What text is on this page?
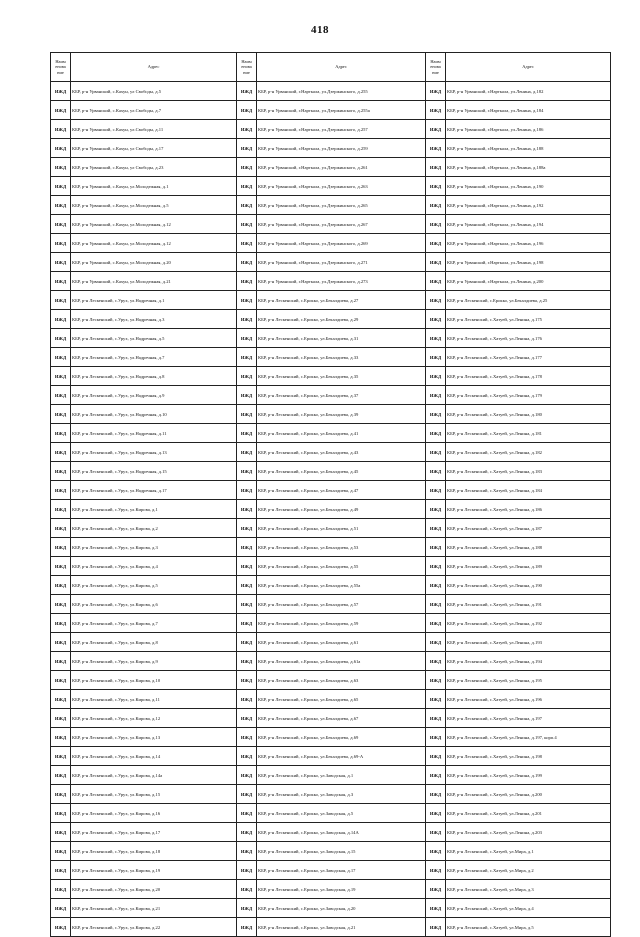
418
Наим енова ние	Адрес	Наим енова ние	Адрес	Наим енова ние	Адрес
ИЖД	КБР, р-н Урванский, с.Кахун, ул Свободы, д.5	ИЖД	КБР, р-н Урванский, г.Нарткала, ул.Дзержинского, д.255	ИЖД	КБР, р-н Урванский, г.Нарткала, ул.Ленина, д.182
ИЖД	КБР, р-н Урванский, с.Кахун, ул.Свободы, д.7	ИЖД	КБР, р-н Урванский, г.Нарткала, ул.Дзержинского, д.255а	ИЖД	КБР, р-н Урванский, г.Нарткала, ул.Ленина, д.184
ИЖД	КБР, р-н Урванский, с.Кахун, ул.Свободы, д.11	ИЖД	КБР, р-н Урванский, г.Нарткала, ул.Дзержинского, д.257	ИЖД	КБР, р-н Урванский, г.Нарткала, ул.Ленина, д.186
ИЖД	КБР, р-н Урванский, с.Кахун, ул Свободы, д.17	ИЖД	КБР, р-н Урванский, г.Нарткала, ул.Дзержинского, д.259	ИЖД	КБР, р-н Урванский, г.Нарткала, ул.Ленина, д.188
ИЖД	КБР, р-н Урванский, с.Кахун, ул Свободы, д.23	ИЖД	КБР, р-н Урванский, г.Нарткала, ул.Дзержинского, д.261	ИЖД	КБР, р-н Урванский, г.Нарткала, ул.Ленина, д.188а
ИЖД	КБР, р-н Урванский, с.Кахун, ул.Молодежная, д.1	ИЖД	КБР, р-н Урванский, г.Нарткала, ул.Дзержинского, д.263	ИЖД	КБР, р-н Урванский, г.Нарткала, ул.Ленина, д.190
ИЖД	КБР, р-н Урванский, с.Кахун, ул.Молодежная, д.5	ИЖД	КБР, р-н Урванский, г.Нарткала, ул.Дзержинского, д.265	ИЖД	КБР, р-н Урванский, г.Нарткала, ул.Ленина, д.192
ИЖД	КБР, р-н Урванский, с.Кахун, ул.Молодежная, д.12	ИЖД	КБР, р-н Урванский, г.Нарткала, ул.Дзержинского, д.267	ИЖД	КБР, р-н Урванский, г.Нарткала, ул.Ленина, д.194
ИЖД	КБР, р-н Урванский, с.Кахун, ул.Молодежная, д.12	ИЖД	КБР, р-н Урванский, г.Нарткала, ул.Дзержинского, д.269	ИЖД	КБР, р-н Урванский, г.Нарткала, ул.Ленина, д.196
ИЖД	КБР, р-н Урванский, с.Кахун, ул.Молодежная, д.20	ИЖД	КБР, р-н Урванский, г.Нарткала, ул.Дзержинского, д.271	ИЖД	КБР, р-н Урванский, г.Нарткала, ул.Ленина, д.198
ИЖД	КБР, р-н Урванский, с.Кахун, ул.Молодежная, д.21	ИЖД	КБР, р-н Урванский, г.Нарткала, ул.Дзержинского, д.273	ИЖД	КБР, р-н Урванский, г.Нарткала, ул.Ленина, д.200
ИЖД	КБР, р-н Лескенский, с.Урух, ул.Надречная, д.1	ИЖД	КБР, р-н Лескенский, с.Ерокко, ул.Бекалдиева, д.27	ИЖД	КБР, р-н Лескенский, с.Ерокко, ул.Бекалдиева, д.25
ИЖД	КБР, р-н Лескенский, с.Урух, ул.Надречная, д.3	ИЖД	КБР, р-н Лескенский, с.Ерокко, ул.Бекалдиева, д.29	ИЖД	КБР, р-н Лескенский, с.Хатуей, ул.Ленина, д.175
ИЖД	КБР, р-н Лескенский, с.Урух, ул.Надречная, д.5	ИЖД	КБР, р-н Лескенский, с.Ерокко, ул.Бекалдиева, д.31	ИЖД	КБР, р-н Лескенский, с.Хатуей, ул.Ленина, д.176
ИЖД	КБР, р-н Лескенский, с.Урух, ул.Надречная, д.7	ИЖД	КБР, р-н Лескенский, с.Ерокко, ул.Бекалдиева, д.33	ИЖД	КБР, р-н Лескенский, с.Хатуей, ул.Ленина, д.177
ИЖД	КБР, р-н Лескенский, с.Урух, ул.Надречная, д.8	ИЖД	КБР, р-н Лескенский, с.Ерокко, ул.Бекалдиева, д.35	ИЖД	КБР, р-н Лескенский, с.Хатуей, ул.Ленина, д.178
ИЖД	КБР, р-н Лескенский, с.Урух, ул.Надречная, д.9	ИЖД	КБР, р-н Лескенский, с.Ерокко, ул.Бекалдиева, д.37	ИЖД	КБР, р-н Лескенский, с.Хатуей, ул.Ленина, д.179
ИЖД	КБР, р-н Лескенский, с.Урух, ул.Надречная, д.10	ИЖД	КБР, р-н Лескенский, с.Ерокко, ул.Бекалдиева, д.39	ИЖД	КБР, р-н Лескенский, с.Хатуей, ул.Ленина, д.180
ИЖД	КБР, р-н Лескенский, с.Урух, ул.Надречная, д.11	ИЖД	КБР, р-н Лескенский, с.Ерокко, ул.Бекалдиева, д.41	ИЖД	КБР, р-н Лескенский, с.Хатуей, ул.Ленина, д.181
ИЖД	КБР, р-н Лескенский, с.Урух, ул.Надречная, д.13	ИЖД	КБР, р-н Лескенский, с.Ерокко, ул.Бекалдиева, д.43	ИЖД	КБР, р-н Лескенский, с.Хатуей, ул.Ленина, д.182
ИЖД	КБР, р-н Лескенский, с.Урух, ул.Надречная, д.15	ИЖД	КБР, р-н Лескенский, с.Ерокко, ул.Бекалдиева, д.45	ИЖД	КБР, р-н Лескенский, с.Хатуей, ул.Ленина, д.183
ИЖД	КБР, р-н Лескенский, с.Урух, ул.Надречная, д.17	ИЖД	КБР, р-н Лескенский, с.Ерокко, ул.Бекалдиева, д.47	ИЖД	КБР, р-н Лескенский, с.Хатуей, ул.Ленина, д.184
ИЖД	КБР, р-н Лескенский, с.Урух, ул.Кирова, д.1	ИЖД	КБР, р-н Лескенский, с.Ерокко, ул.Бекалдиева, д.49	ИЖД	КБР, р-н Лескенский, с.Хатуей, ул.Ленина, д.186
ИЖД	КБР, р-н Лескенский, с.Урух, ул.Кирова, д.2	ИЖД	КБР, р-н Лескенский, с.Ерокко, ул.Бекалдиева, д.51	ИЖД	КБР, р-н Лескенский, с.Хатуей, ул.Ленина, д.187
ИЖД	КБР, р-н Лескенский, с.Урух, ул.Кирова, д.3	ИЖД	КБР, р-н Лескенский, с.Ерокко, ул.Бекалдиева, д.53	ИЖД	КБР, р-н Лескенский, с.Хатуей, ул.Ленина, д.188
ИЖД	КБР, р-н Лескенский, с.Урух, ул.Кирова, д.4	ИЖД	КБР, р-н Лескенский, с.Ерокко, ул.Бекалдиева, д.55	ИЖД	КБР, р-н Лескенский, с.Хатуей, ул.Ленина, д.189
ИЖД	КБР, р-н Лескенский, с.Урух, ул.Кирова, д.5	ИЖД	КБР, р-н Лескенский, с.Ерокко, ул.Бекалдиева, д.55а	ИЖД	КБР, р-н Лескенский, с.Хатуей, ул.Ленина, д.190
ИЖД	КБР, р-н Лескенский, с.Урух, ул.Кирова, д.6	ИЖД	КБР, р-н Лескенский, с.Ерокко, ул.Бекалдиева, д.57	ИЖД	КБР, р-н Лескенский, с.Хатуей, ул.Ленина, д.191
ИЖД	КБР, р-н Лескенский, с.Урух, ул.Кирова, д.7	ИЖД	КБР, р-н Лескенский, с.Ерокко, ул.Бекалдиева, д.59	ИЖД	КБР, р-н Лескенский, с.Хатуей, ул.Ленина, д.192
ИЖД	КБР, р-н Лескенский, с.Урух, ул.Кирова, д.8	ИЖД	КБР, р-н Лескенский, с.Ерокко, ул.Бекалдиева, д.61	ИЖД	КБР, р-н Лескенский, с.Хатуей, ул.Ленина, д.193
ИЖД	КБР, р-н Лескенский, с.Урух, ул.Кирова, д.9	ИЖД	КБР, р-н Лескенский, с.Ерокко, ул.Бекалдиева, д.61а	ИЖД	КБР, р-н Лескенский, с.Хатуей, ул.Ленина, д.194
ИЖД	КБР, р-н Лескенский, с.Урух, ул.Кирова, д.10	ИЖД	КБР, р-н Лескенский, с.Ерокко, ул.Бекалдиева, д.63	ИЖД	КБР, р-н Лескенский, с.Хатуей, ул.Ленина, д.195
ИЖД	КБР, р-н Лескенский, с.Урух, ул.Кирова, д.11	ИЖД	КБР, р-н Лескенский, с.Ерокко, ул.Бекалдиева, д.65	ИЖД	КБР, р-н Лескенский, с.Хатуей, ул.Ленина, д.196
ИЖД	КБР, р-н Лескенский, с.Урух, ул.Кирова, д.12	ИЖД	КБР, р-н Лескенский, с.Ерокко, ул.Бекалдиева, д.67	ИЖД	КБР, р-н Лескенский, с.Хатуей, ул.Ленина, д.197
ИЖД	КБР, р-н Лескенский, с.Урух, ул.Кирова, д.13	ИЖД	КБР, р-н Лескенский, с.Ерокко, ул.Бекалдиева, д.69	ИЖД	КБР, р-н Лескенский, с.Хатуей, ул.Ленина, д.197, корп.4
ИЖД	КБР, р-н Лескенский, с.Урух, ул.Кирова, д.14	ИЖД	КБР, р-н Лескенский, с.Ерокко, ул.Бекалдиева, д.69-А	ИЖД	КБР, р-н Лескенский, с.Хатуей, ул.Ленина, д.198
ИЖД	КБР, р-н Лескенский, с.Урух, ул.Кирова, д.14а	ИЖД	КБР, р-н Лескенский, с.Ерокко, ул.Заводская, д.1	ИЖД	КБР, р-н Лескенский, с.Хатуей, ул.Ленина, д.199
ИЖД	КБР, р-н Лескенский, с.Урух, ул.Кирова, д.15	ИЖД	КБР, р-н Лескенский, с.Ерокко, ул.Заводская, д.3	ИЖД	КБР, р-н Лескенский, с.Хатуей, ул.Ленина, д.200
ИЖД	КБР, р-н Лескенский, с.Урух, ул.Кирова, д.16	ИЖД	КБР, р-н Лескенский, с.Ерокко, ул.Заводская, д.5	ИЖД	КБР, р-н Лескенский, с.Хатуей, ул.Ленина, д.201
ИЖД	КБР, р-н Лескенский, с.Урух, ул.Кирова, д.17	ИЖД	КБР, р-н Лескенский, с.Ерокко, ул.Заводская, д.14А	ИЖД	КБР, р-н Лескенский, с.Хатуей, ул.Ленина, д.203
ИЖД	КБР, р-н Лескенский, с.Урух, ул.Кирова, д.18	ИЖД	КБР, р-н Лескенский, с.Ерокко, ул.Заводская, д.15	ИЖД	КБР, р-н Лескенский, с.Хатуей, ул.Мира, д.1
ИЖД	КБР, р-н Лескенский, с.Урух, ул.Кирова, д.19	ИЖД	КБР, р-н Лескенский, с.Ерокко, ул.Заводская, д.17	ИЖД	КБР, р-н Лескенский, с.Хатуей, ул.Мира, д.2
ИЖД	КБР, р-н Лескенский, с.Урух, ул.Кирова, д.20	ИЖД	КБР, р-н Лескенский, с.Ерокко, ул.Заводская, д.19	ИЖД	КБР, р-н Лескенский, с.Хатуей, ул.Мира, д.3
ИЖД	КБР, р-н Лескенский, с.Урух, ул.Кирова, д.21	ИЖД	КБР, р-н Лескенский, с.Ерокко, ул.Заводская, д.20	ИЖД	КБР, р-н Лескенский, с.Хатуей, ул.Мира, д.4
ИЖД	КБР, р-н Лескенский, с.Урух, ул.Кирова, д.22	ИЖД	КБР, р-н Лескенский, с.Ерокко, ул.Заводская, д.21	ИЖД	КБР, р-н Лескенский, с.Хатуей, ул.Мира, д.5
